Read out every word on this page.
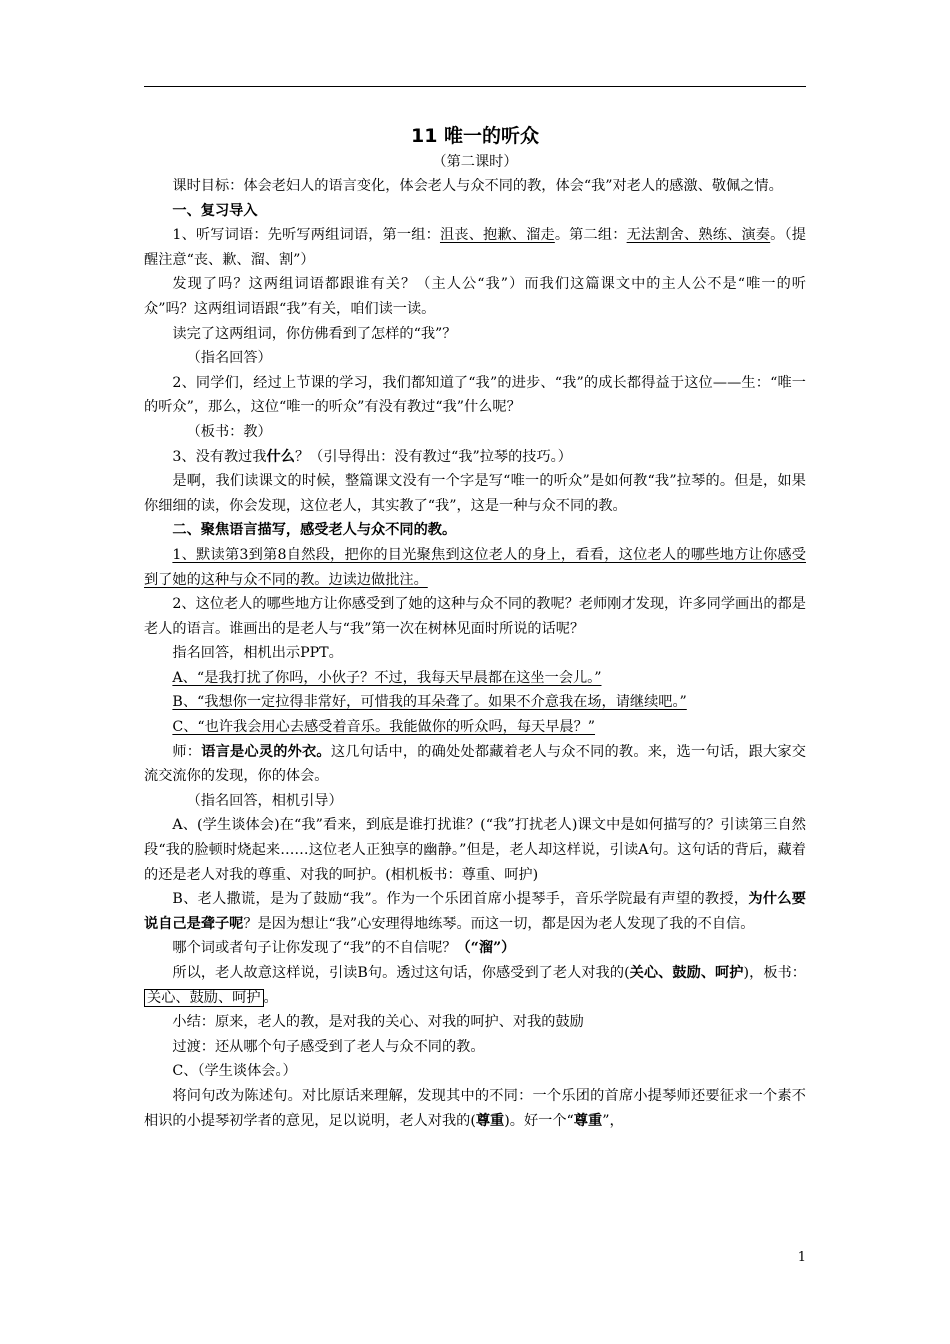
11 唯一的听众
（第二课时）

课时目标：体会老妇人的语言变化，体会老人与众不同的教，体会“我”对老人的感激、敬佩之情。

一、复习导入

1、听写词语：先听写两组词语，第一组：沮丧、抱歉、溜走。第二组：无法割舍、熟练、演奏。（提醒注意“丧、歉、溜、割”）

发现了吗？这两组词语都跟谁有关？（主人公“我”）而我们这篇课文中的主人公不是“唯一的听众”吗？这两组词语跟“我”有关，咱们读一读。

读完了这两组词，你仿佛看到了怎样的“我”？

（指名回答）

2、同学们，经过上节课的学习，我们都知道了“我”的进步、“我”的成长都得益于这位——生：“唯一的听众”，那么，这位“唯一的听众”有没有教过“我”什么呢？

（板书：教）

3、没有教过我什么？（引导得出：没有教过“我”拉琴的技巧。）

是啊，我们读课文的时候，整篇课文没有一个字是写“唯一的听众”是如何教“我”拉琴的。但是，如果你细细的读，你会发现，这位老人，其实教了“我”，这是一种与众不同的教。

二、聚焦语言描写，感受老人与众不同的教。

1、默读第3到第8自然段，把你的目光聚焦到这位老人的身上，看看，这位老人的哪些地方让你感受到了她的这种与众不同的教。边读边做批注。

2、这位老人的哪些地方让你感受到了她的这种与众不同的教呢？老师刚才发现，许多同学画出的都是老人的语言。谁画出的是老人与“我”第一次在树林见面时所说的话呢？

指名回答，相机出示PPT。

A、“是我打扰了你吗，小伙子？不过，我每天早晨都在这坐一会儿。”

B、“我想你一定拉得非常好，可惜我的耳朵聋了。如果不介意我在场，请继续吧。”

C、“也许我会用心去感受着音乐。我能做你的听众吗，每天早晨？”

师：语言是心灵的外衣。这几句话中，的确处处都藏着老人与众不同的教。来，选一句话，跟大家交流交流你的发现，你的体会。

（指名回答，相机引导）

A、(学生谈体会)在“我”看来，到底是谁打扰谁？(“我”打扰老人)课文中是如何描写的？引读第三自然段“我的脸顿时烧起来……这位老人正独享的幽静。”但是，老人却这样说，引读A句。这句话的背后，藏着的还是老人对我的尊重、对我的呵护。(相机板书：尊重、呵护)

B、老人撒谎，是为了鼓励“我”。作为一个乐团首席小提琴手，音乐学院最有声望的教授，为什么要说自己是聋子呢？是因为想让“我”心安理得地练琴。而这一切，都是因为老人发现了我的不自信。

哪个词或者句子让你发现了“我”的不自信呢？（“溜”）

所以，老人故意这样说，引读B句。透过这句话，你感受到了老人对我的(关心、鼓励、呵护)，板书：关心、鼓励、呵护 。

小结：原来，老人的教，是对我的关心、对我的呵护、对我的鼓励

过渡：还从哪个句子感受到了老人与众不同的教。

C、（学生谈体会。）

将问句改为陈述句。对比原话来理解，发现其中的不同：一个乐团的首席小提琴师还要征求一个素不相识的小提琴初学者的意见，足以说明，老人对我的(尊重)。好一个“尊重”，

1
